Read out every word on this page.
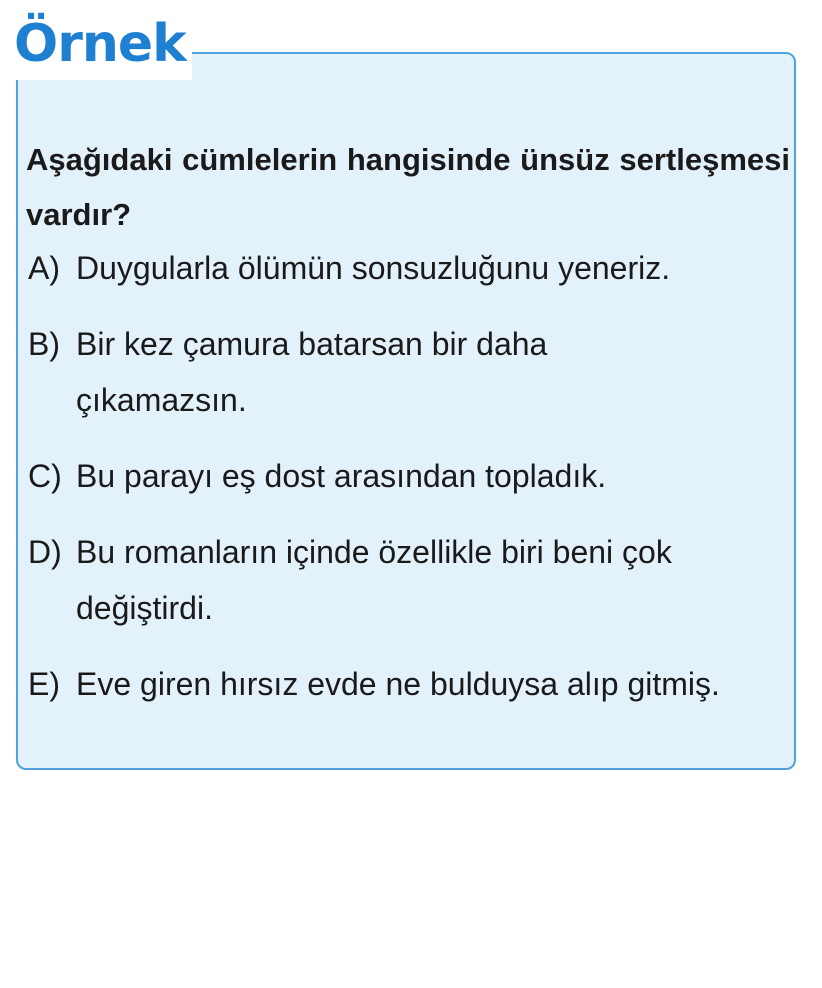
Örnek

Aşağıdaki cümlelerin hangisinde ünsüz sertleşmesi vardır?

A) Duygularla ölümün sonsuzluğunu yeneriz.
B) Bir kez çamura batarsan bir daha çıkamazsın.
C) Bu parayı eş dost arasından topladık.
D) Bu romanların içinde özellikle biri beni çok değiştirdi.
E) Eve giren hırsız evde ne bulduysa alıp gitmiş.
